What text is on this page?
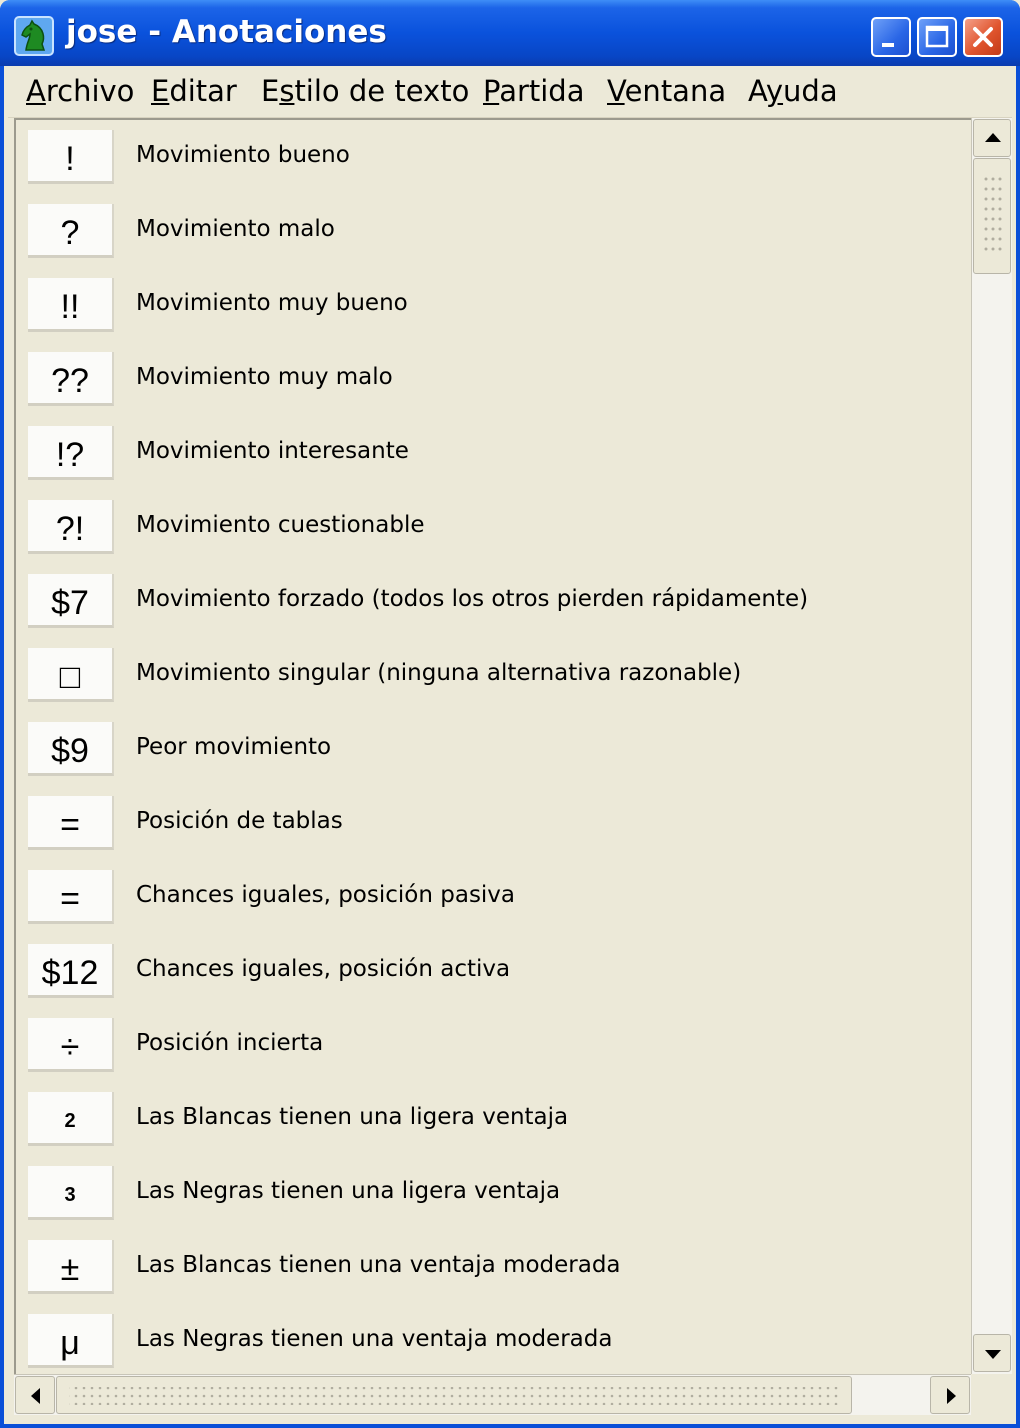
jose - Anotaciones
Archivo Editar Estilo de texto Partida Ventana Ayuda
!	Movimiento bueno
? Movimiento malo
!! Movimiento muy bueno
?? Movimiento muy malo
!? Movimiento interesante
?! Movimiento cuestionable
$7 Movimiento forzado (todos los otros pierden rápidamente)
□ Movimiento singular (ninguna alternativa razonable)
$9 Peor movimiento
= Posición de tablas
= Chances iguales, posición pasiva
$12 Chances iguales, posición activa
÷ Posición incierta
2	Las Blancas tienen una ligera ventaja
3	Las Negras tienen una ligera ventaja
± Las Blancas tienen una ventaja moderada
μ Las Negras tienen una ventaja moderada
